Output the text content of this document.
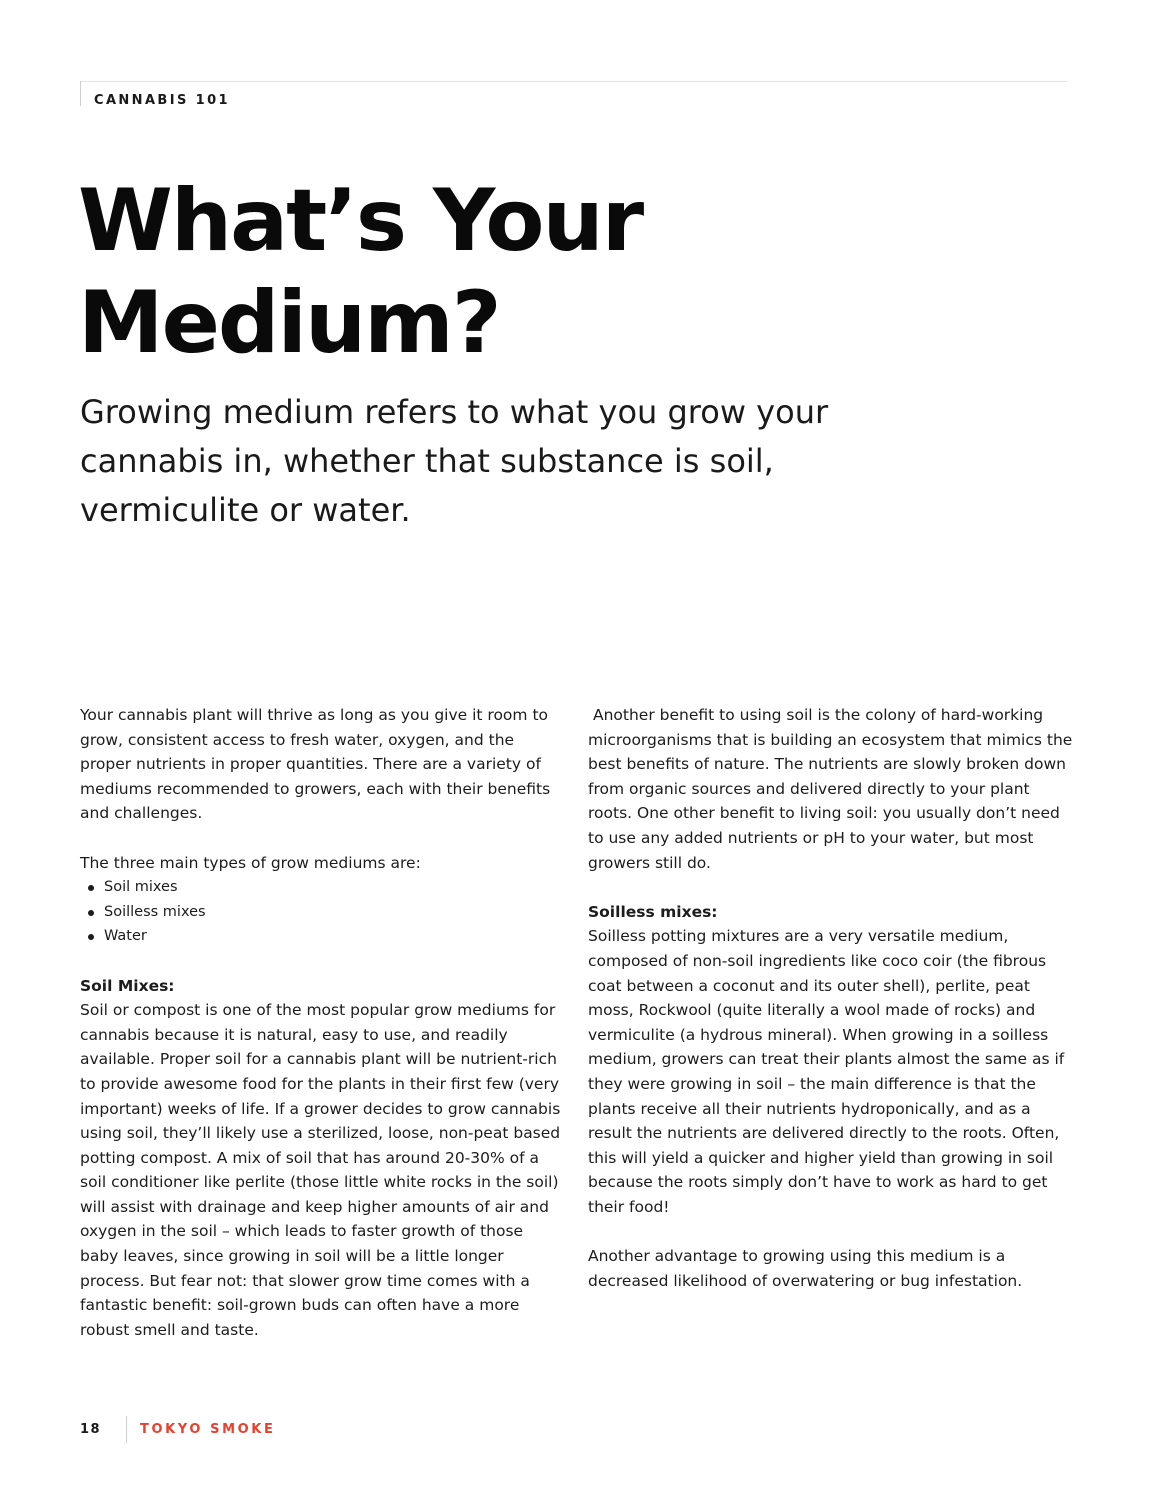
CANNABIS 101
What’s Your Medium?

Growing medium refers to what you grow your cannabis in, whether that substance is soil, vermiculite or water.

Your cannabis plant will thrive as long as you give it room to grow, consistent access to fresh water, oxygen, and the proper nutrients in proper quantities. There are a variety of mediums recommended to growers, each with their benefits and challenges.

The three main types of grow mediums are:

Soil mixes
Soilless mixes
Water
Soil Mixes:

Soil or compost is one of the most popular grow mediums for cannabis because it is natural, easy to use, and readily available. Proper soil for a cannabis plant will be nutrient-rich to provide awesome food for the plants in their first few (very important) weeks of life. If a grower decides to grow cannabis using soil, they’ll likely use a sterilized, loose, non-peat based potting compost. A mix of soil that has around 20-30% of a soil conditioner like perlite (those little white rocks in the soil) will assist with drainage and keep higher amounts of air and oxygen in the soil – which leads to faster growth of those baby leaves, since growing in soil will be a little longer process. But fear not: that slower grow time comes with a fantastic benefit: soil-grown buds can often have a more robust smell and taste.

Another benefit to using soil is the colony of hard-working microorganisms that is building an ecosystem that mimics the best benefits of nature. The nutrients are slowly broken down from organic sources and delivered directly to your plant roots. One other benefit to living soil: you usually don’t need to use any added nutrients or pH to your water, but most growers still do.

Soilless mixes:

Soilless potting mixtures are a very versatile medium, composed of non-soil ingredients like coco coir (the fibrous coat between a coconut and its outer shell), perlite, peat moss, Rockwool (quite literally a wool made of rocks) and vermiculite (a hydrous mineral). When growing in a soilless medium, growers can treat their plants almost the same as if they were growing in soil – the main difference is that the plants receive all their nutrients hydroponically, and as a result the nutrients are delivered directly to the roots. Often, this will yield a quicker and higher yield than growing in soil because the roots simply don’t have to work as hard to get their food!

Another advantage to growing using this medium is a decreased likelihood of overwatering or bug infestation.

18	TOKYO SMOKE
